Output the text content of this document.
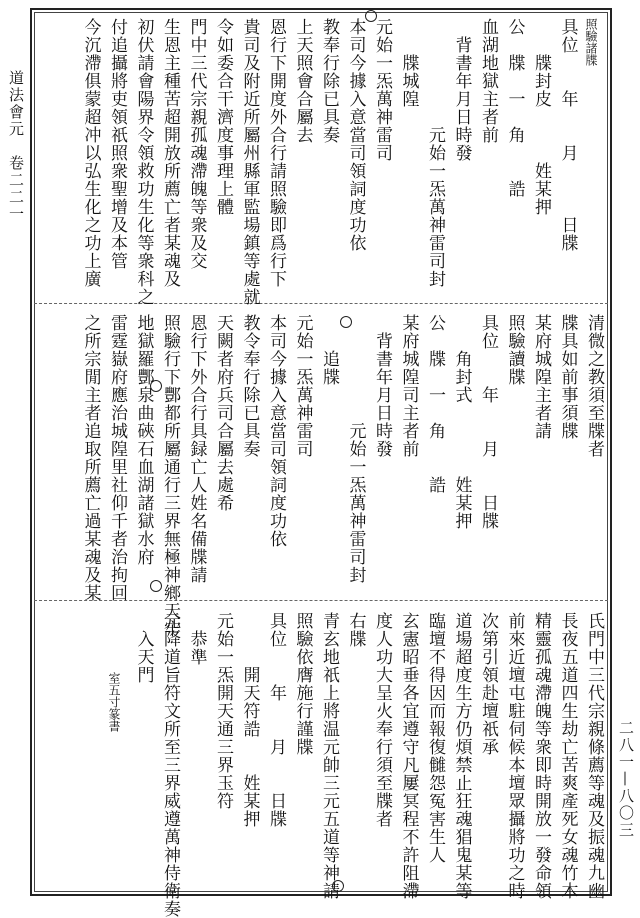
道法會元　卷二二一
二八一—八〇三
照驗諸牒
具位　　年　　月　　　日牒
　　牒封皮　　　姓某押
公　牒　一　角　　誥
血湖地獄主者前
　背書年月日時發
　　　　　　元始一炁萬神雷司封
　　牒城隍
元始一炁萬神雷司
本司今據入意當司領詞度功依
教奉行除已具奏
上天照會合屬去
恩行下開度外合行請照驗即爲行下
貴司及附近所屬州縣軍監場鎮等處就
令如委合干濟度事理上體
門中三代宗親孤魂滯魄等衆及交
生恩主種苦超開放所薦亡者某魂及
初伏請會陽界令領救功生化等衆科之
付追攝將吏領祇照衆聖增及本管
今沉滯俱蒙超冲以弘生化之功上廣
清微之教須至牒者
牒具如前事須牒
某府城隍主者請
照驗讀牒
具位　　年　　月　　日牒
　　角封式　　　　姓某押
公　牒　一　角　　誥
某府城隍司主者前
　背書年月日時發
　　　　　　元始一炁萬神雷司封
　　追牒
元始一炁萬神雷司
本司今據入意當司領詞度功依
教令奉行除已具奏
天闕者府兵司合屬去處希
恩行下外合行具録亡人姓名備牒請
照驗行下酆都所屬通行三界無極神鄉天牢
地獄羅酆泉曲硤石血湖諸獄水府
雷霆嶽府應治城隍里社仰千者治拘回
之所宗閒主者追取所薦亡過某魂及某
氏門中三代宗親條薦等魂及振魂九幽
長夜五道四生劫亡苦爽產死女魂竹木
精靈孤魂滯魄等衆即時開放一發命領
前來近壇屯駐伺候本壇眾攝將功之時
次第引領赴壇祇承
道場超度生方仍煩禁止狂魂猖鬼某等
臨壇不得因而報復雠怨冤害生人
玄憲昭垂各宜遵守凡屢冥程不許阻滯
度人功大呈火奉行須至牒者
右牒
青玄地祇上將温元帥三元五道等神請
照驗依膺施行謹牒
具位　　年　　月　　日牒
　　　開天符誥　　姓某押
元始一炁開天通三界玉符
　恭準
元降道旨符文所至三界威遵萬神侍衛奏
　入天門
　　　　　室五寸篆書
